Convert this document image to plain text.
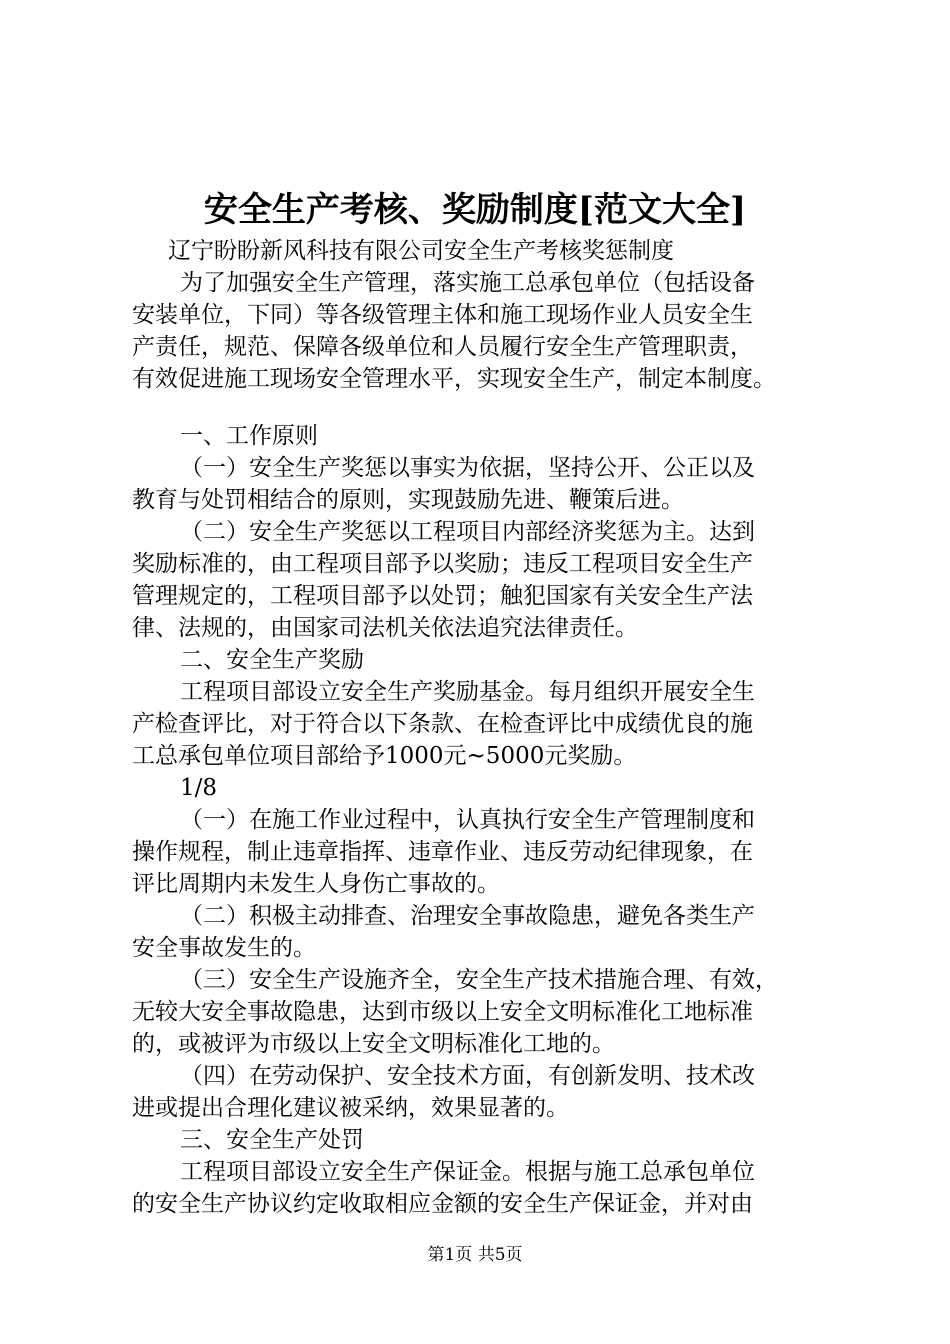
安全生产考核、奖励制度[范文大全]
辽宁盼盼新风科技有限公司安全生产考核奖惩制度
为了加强安全生产管理，落实施工总承包单位（包括设备
安装单位，下同）等各级管理主体和施工现场作业人员安全生
产责任，规范、保障各级单位和人员履行安全生产管理职责，
有效促进施工现场安全管理水平，实现安全生产，制定本制度。
一、工作原则
（一）安全生产奖惩以事实为依据，坚持公开、公正以及
教育与处罚相结合的原则，实现鼓励先进、鞭策后进。
（二）安全生产奖惩以工程项目内部经济奖惩为主。达到
奖励标准的，由工程项目部予以奖励；违反工程项目安全生产
管理规定的，工程项目部予以处罚；触犯国家有关安全生产法
律、法规的，由国家司法机关依法追究法律责任。
二、安全生产奖励
工程项目部设立安全生产奖励基金。每月组织开展安全生
产检查评比，对于符合以下条款、在检查评比中成绩优良的施
工总承包单位项目部给予1000元~5000元奖励。
1/8
（一）在施工作业过程中，认真执行安全生产管理制度和
操作规程，制止违章指挥、违章作业、违反劳动纪律现象，在
评比周期内未发生人身伤亡事故的。
（二）积极主动排查、治理安全事故隐患，避免各类生产
安全事故发生的。
（三）安全生产设施齐全，安全生产技术措施合理、有效，
无较大安全事故隐患，达到市级以上安全文明标准化工地标准
的，或被评为市级以上安全文明标准化工地的。
（四）在劳动保护、安全技术方面，有创新发明、技术改
进或提出合理化建议被采纳，效果显著的。
三、安全生产处罚
工程项目部设立安全生产保证金。根据与施工总承包单位
的安全生产协议约定收取相应金额的安全生产保证金，并对由
第1页 共5页
